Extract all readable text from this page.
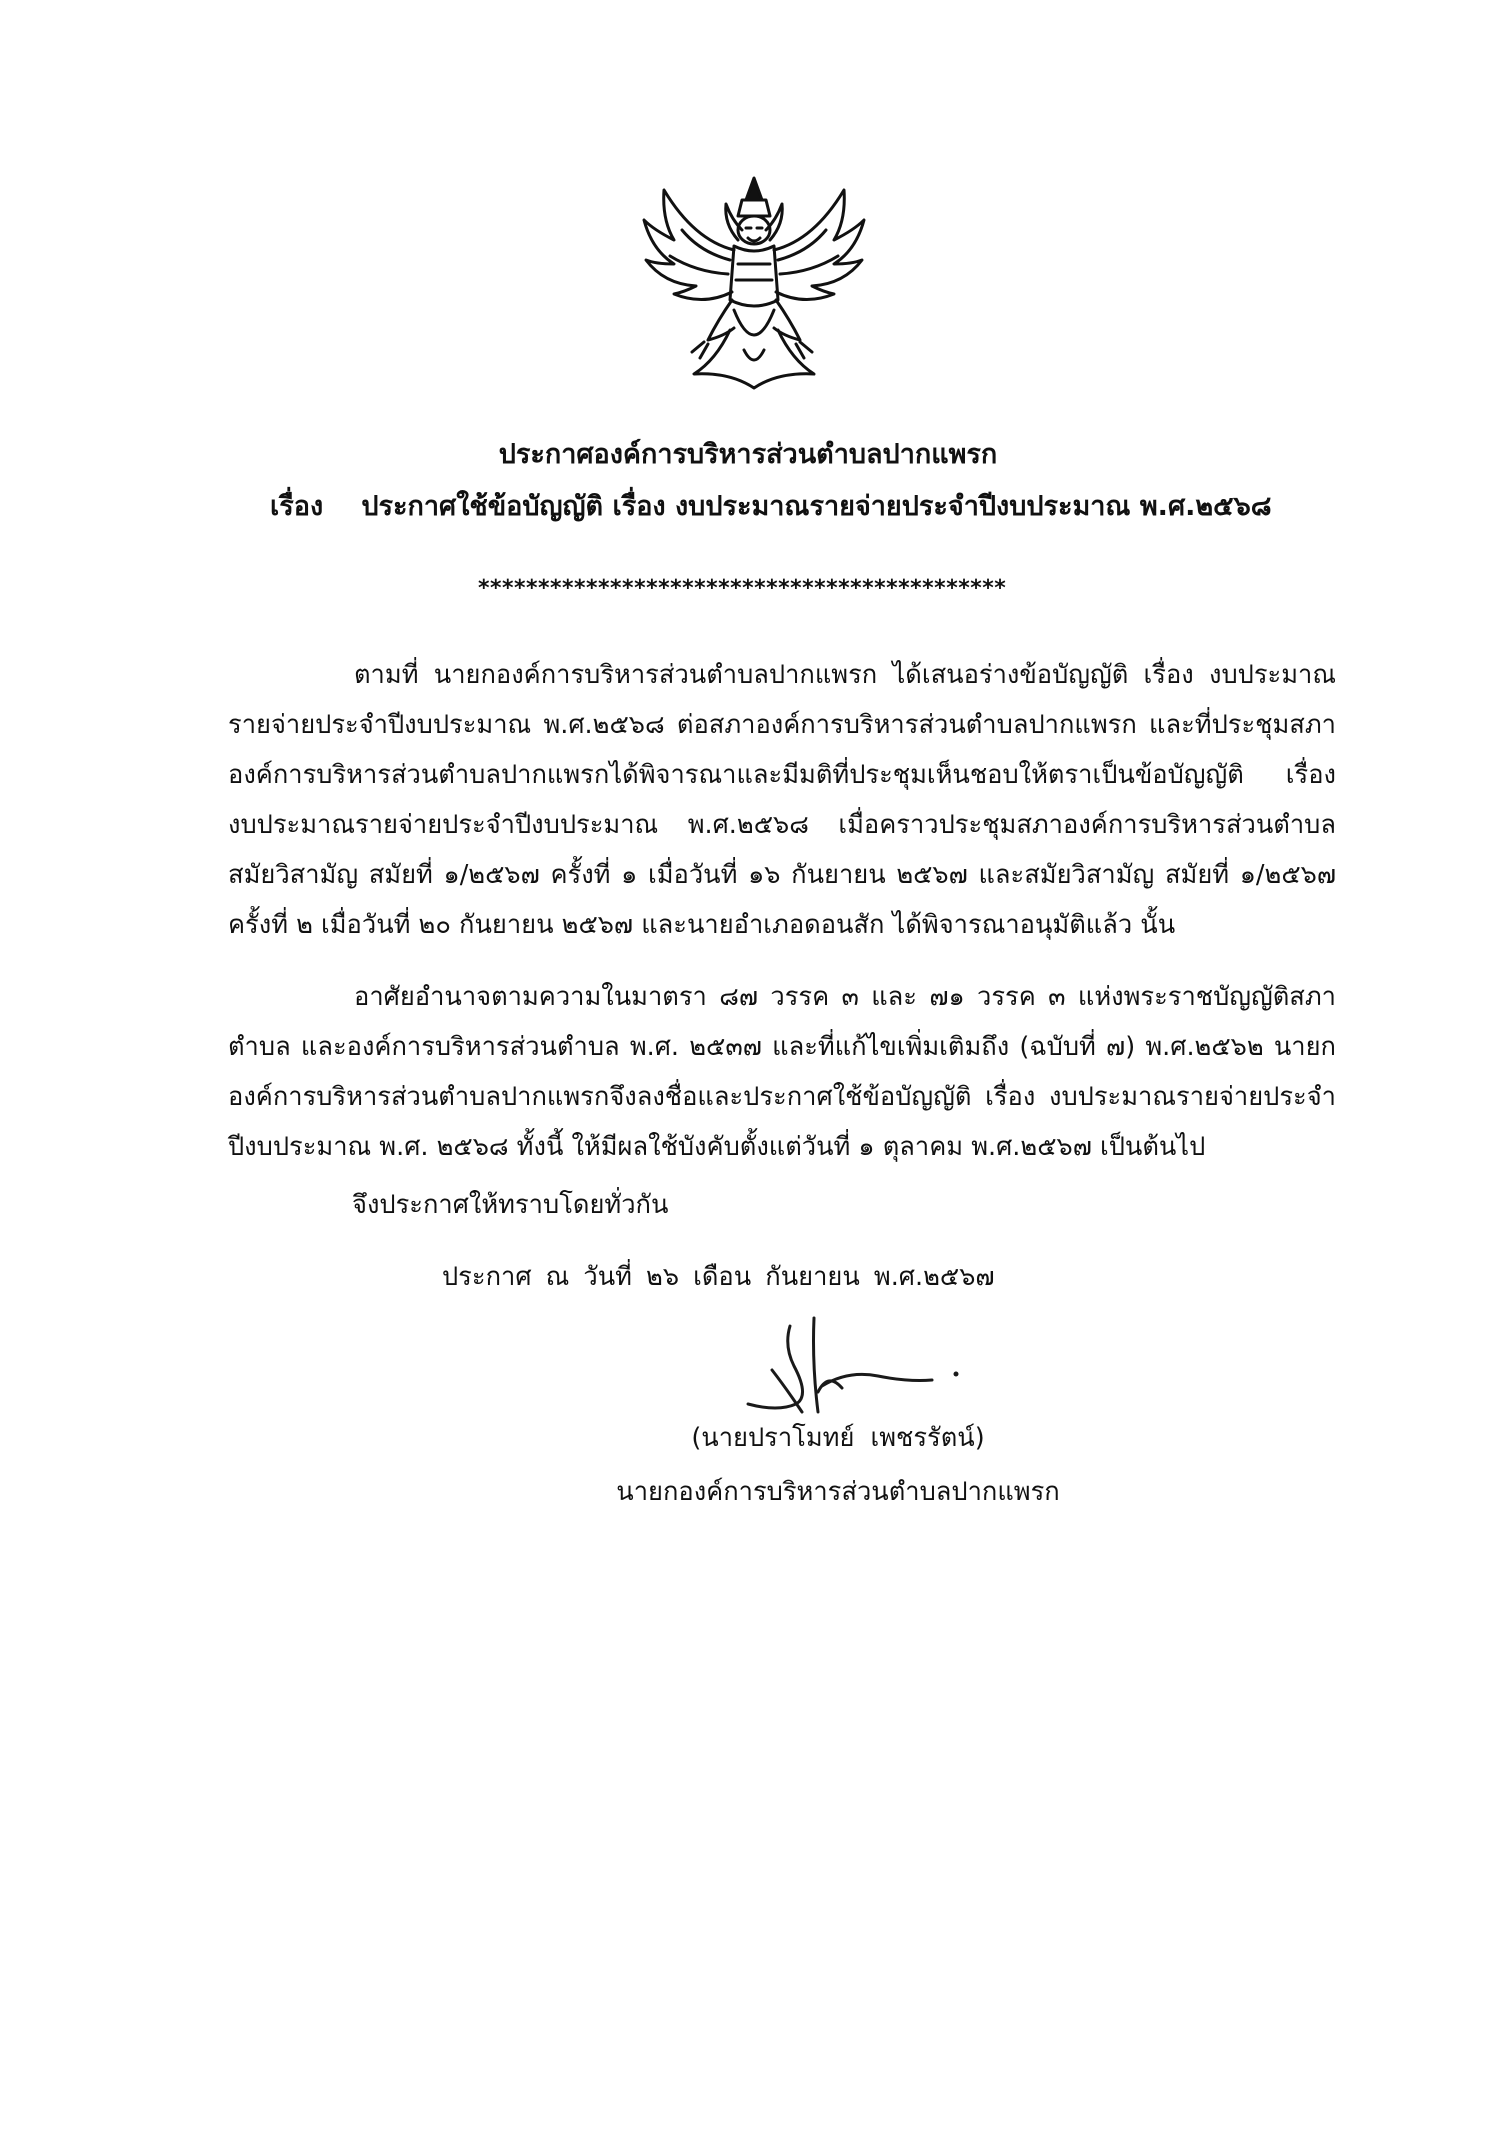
ประกาศองค์การบริหารส่วนตำบลปากแพรก
เรื่อง ประกาศใช้ข้อบัญญัติ เรื่อง งบประมาณรายจ่ายประจำปีงบประมาณ พ.ศ.๒๕๖๘
********************************************

ตามที่ นายกองค์การบริหารส่วนตำบลปากแพรก ได้เสนอร่างข้อบัญญัติ เรื่อง งบประมาณรายจ่ายประจำปีงบประมาณ พ.ศ.๒๕๖๘ ต่อสภาองค์การบริหารส่วนตำบลปากแพรก และที่ประชุมสภาองค์การบริหารส่วนตำบลปากแพรกได้พิจารณาและมีมติที่ประชุมเห็นชอบให้ตราเป็นข้อบัญญัติ เรื่อง งบประมาณรายจ่ายประจำปีงบประมาณ พ.ศ.๒๕๖๘ เมื่อคราวประชุมสภาองค์การบริหารส่วนตำบล สมัยวิสามัญ สมัยที่ ๑/๒๕๖๗ ครั้งที่ ๑ เมื่อวันที่ ๑๖ กันยายน ๒๕๖๗ และสมัยวิสามัญ สมัยที่ ๑/๒๕๖๗ ครั้งที่ ๒ เมื่อวันที่ ๒๐ กันยายน ๒๕๖๗ และนายอำเภอดอนสัก ได้พิจารณาอนุมัติแล้ว นั้น

อาศัยอำนาจตามความในมาตรา ๘๗ วรรค ๓ และ ๗๑ วรรค ๓ แห่งพระราชบัญญัติสภาตำบล และองค์การบริหารส่วนตำบล พ.ศ. ๒๕๓๗ และที่แก้ไขเพิ่มเติมถึง (ฉบับที่ ๗) พ.ศ.๒๕๖๒ นายกองค์การบริหารส่วนตำบลปากแพรกจึงลงชื่อและประกาศใช้ข้อบัญญัติ เรื่อง งบประมาณรายจ่ายประจำปีงบประมาณ พ.ศ. ๒๕๖๘ ทั้งนี้ ให้มีผลใช้บังคับตั้งแต่วันที่ ๑ ตุลาคม พ.ศ.๒๕๖๗ เป็นต้นไป

จึงประกาศให้ทราบโดยทั่วกัน
ประกาศ ณ วันที่ ๒๖ เดือน กันยายน พ.ศ.๒๕๖๗
(นายปราโมทย์ เพชรรัตน์)
นายกองค์การบริหารส่วนตำบลปากแพรก
